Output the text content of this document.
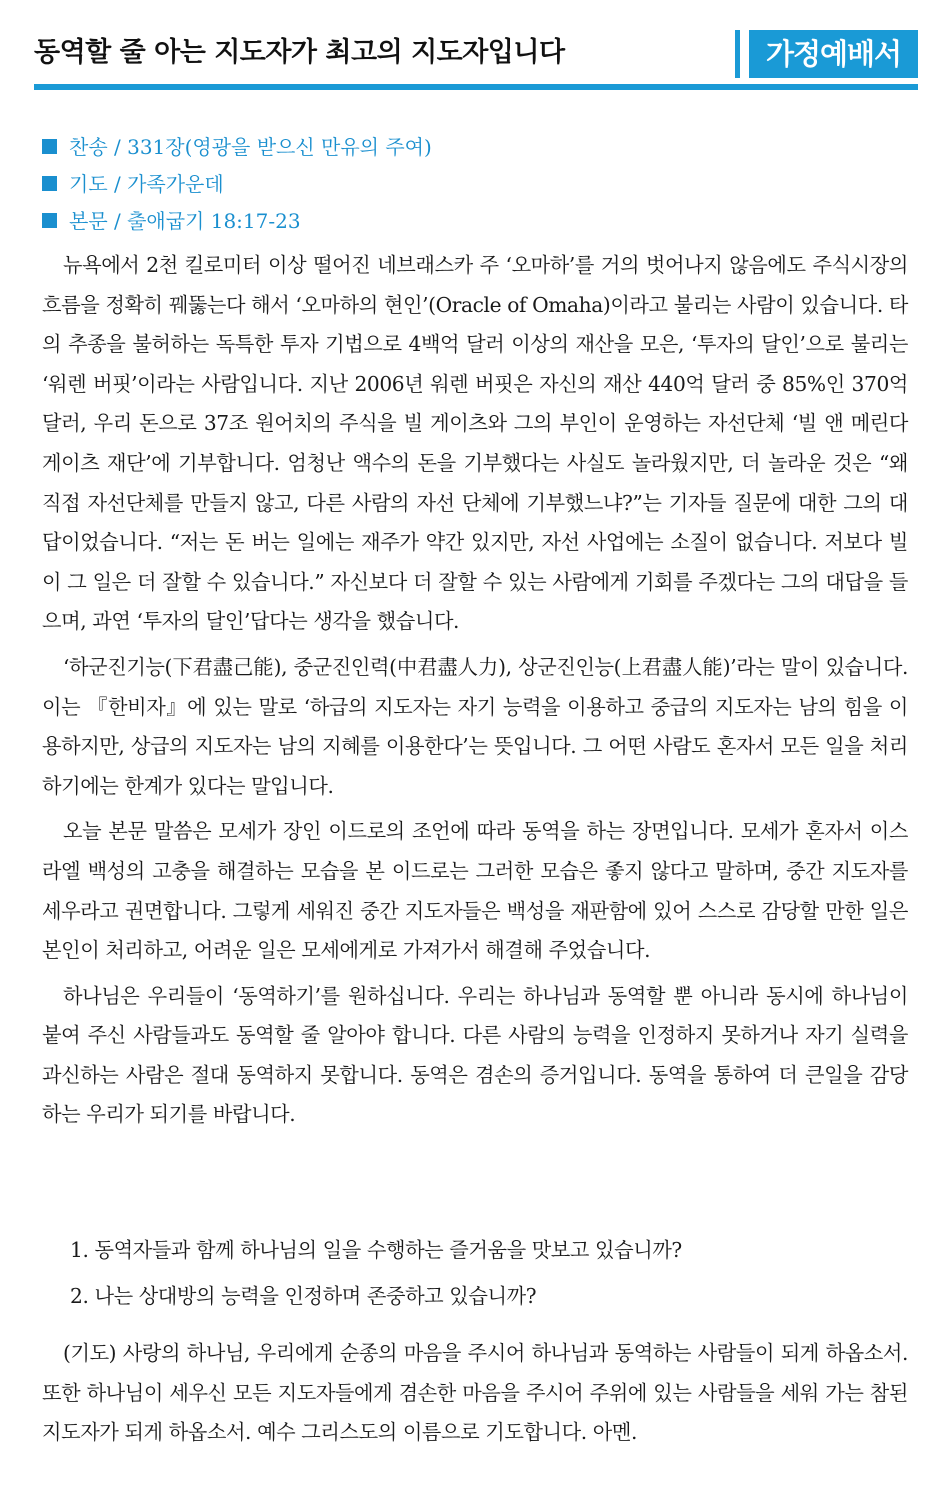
동역할 줄 아는 지도자가 최고의 지도자입니다	가정예배서
찬송 / 331장(영광을 받으신 만유의 주여)
기도 / 가족가운데
본문 / 출애굽기 18:17-23

뉴욕에서 2천 킬로미터 이상 떨어진 네브래스카 주 ‘오마하’를 거의 벗어나지 않음에도 주식시장의 흐름을 정확히 꿰뚫는다 해서 ‘오마하의 현인’(Oracle of Omaha)이라고 불리는 사람이 있습니다. 타의 추종을 불허하는 독특한 투자 기법으로 4백억 달러 이상의 재산을 모은, ‘투자의 달인’으로 불리는 ‘워렌 버핏’이라는 사람입니다. 지난 2006년 워렌 버핏은 자신의 재산 440억 달러 중 85%인 370억 달러, 우리 돈으로 37조 원어치의 주식을 빌 게이츠와 그의 부인이 운영하는 자선단체 ‘빌 앤 메린다 게이츠 재단’에 기부합니다. 엄청난 액수의 돈을 기부했다는 사실도 놀라웠지만, 더 놀라운 것은 “왜 직접 자선단체를 만들지 않고, 다른 사람의 자선 단체에 기부했느냐?”는 기자들 질문에 대한 그의 대답이었습니다. “저는 돈 버는 일에는 재주가 약간 있지만, 자선 사업에는 소질이 없습니다. 저보다 빌이 그 일은 더 잘할 수 있습니다.” 자신보다 더 잘할 수 있는 사람에게 기회를 주겠다는 그의 대답을 들으며, 과연 ‘투자의 달인’답다는 생각을 했습니다.

‘하군진기능(下君盡己能), 중군진인력(中君盡人力), 상군진인능(上君盡人能)’라는 말이 있습니다. 이는 『한비자』에 있는 말로 ‘하급의 지도자는 자기 능력을 이용하고 중급의 지도자는 남의 힘을 이용하지만, 상급의 지도자는 남의 지혜를 이용한다’는 뜻입니다. 그 어떤 사람도 혼자서 모든 일을 처리하기에는 한계가 있다는 말입니다.

오늘 본문 말씀은 모세가 장인 이드로의 조언에 따라 동역을 하는 장면입니다. 모세가 혼자서 이스라엘 백성의 고충을 해결하는 모습을 본 이드로는 그러한 모습은 좋지 않다고 말하며, 중간 지도자를 세우라고 권면합니다. 그렇게 세워진 중간 지도자들은 백성을 재판함에 있어 스스로 감당할 만한 일은 본인이 처리하고, 어려운 일은 모세에게로 가져가서 해결해 주었습니다.

하나님은 우리들이 ‘동역하기’를 원하십니다. 우리는 하나님과 동역할 뿐 아니라 동시에 하나님이 붙여 주신 사람들과도 동역할 줄 알아야 합니다. 다른 사람의 능력을 인정하지 못하거나 자기 실력을 과신하는 사람은 절대 동역하지 못합니다. 동역은 겸손의 증거입니다. 동역을 통하여 더 큰일을 감당하는 우리가 되기를 바랍니다.

1. 동역자들과 함께 하나님의 일을 수행하는 즐거움을 맛보고 있습니까?
2. 나는 상대방의 능력을 인정하며 존중하고 있습니까?

(기도) 사랑의 하나님, 우리에게 순종의 마음을 주시어 하나님과 동역하는 사람들이 되게 하옵소서. 또한 하나님이 세우신 모든 지도자들에게 겸손한 마음을 주시어 주위에 있는 사람들을 세워 가는 참된 지도자가 되게 하옵소서. 예수 그리스도의 이름으로 기도합니다. 아멘.
